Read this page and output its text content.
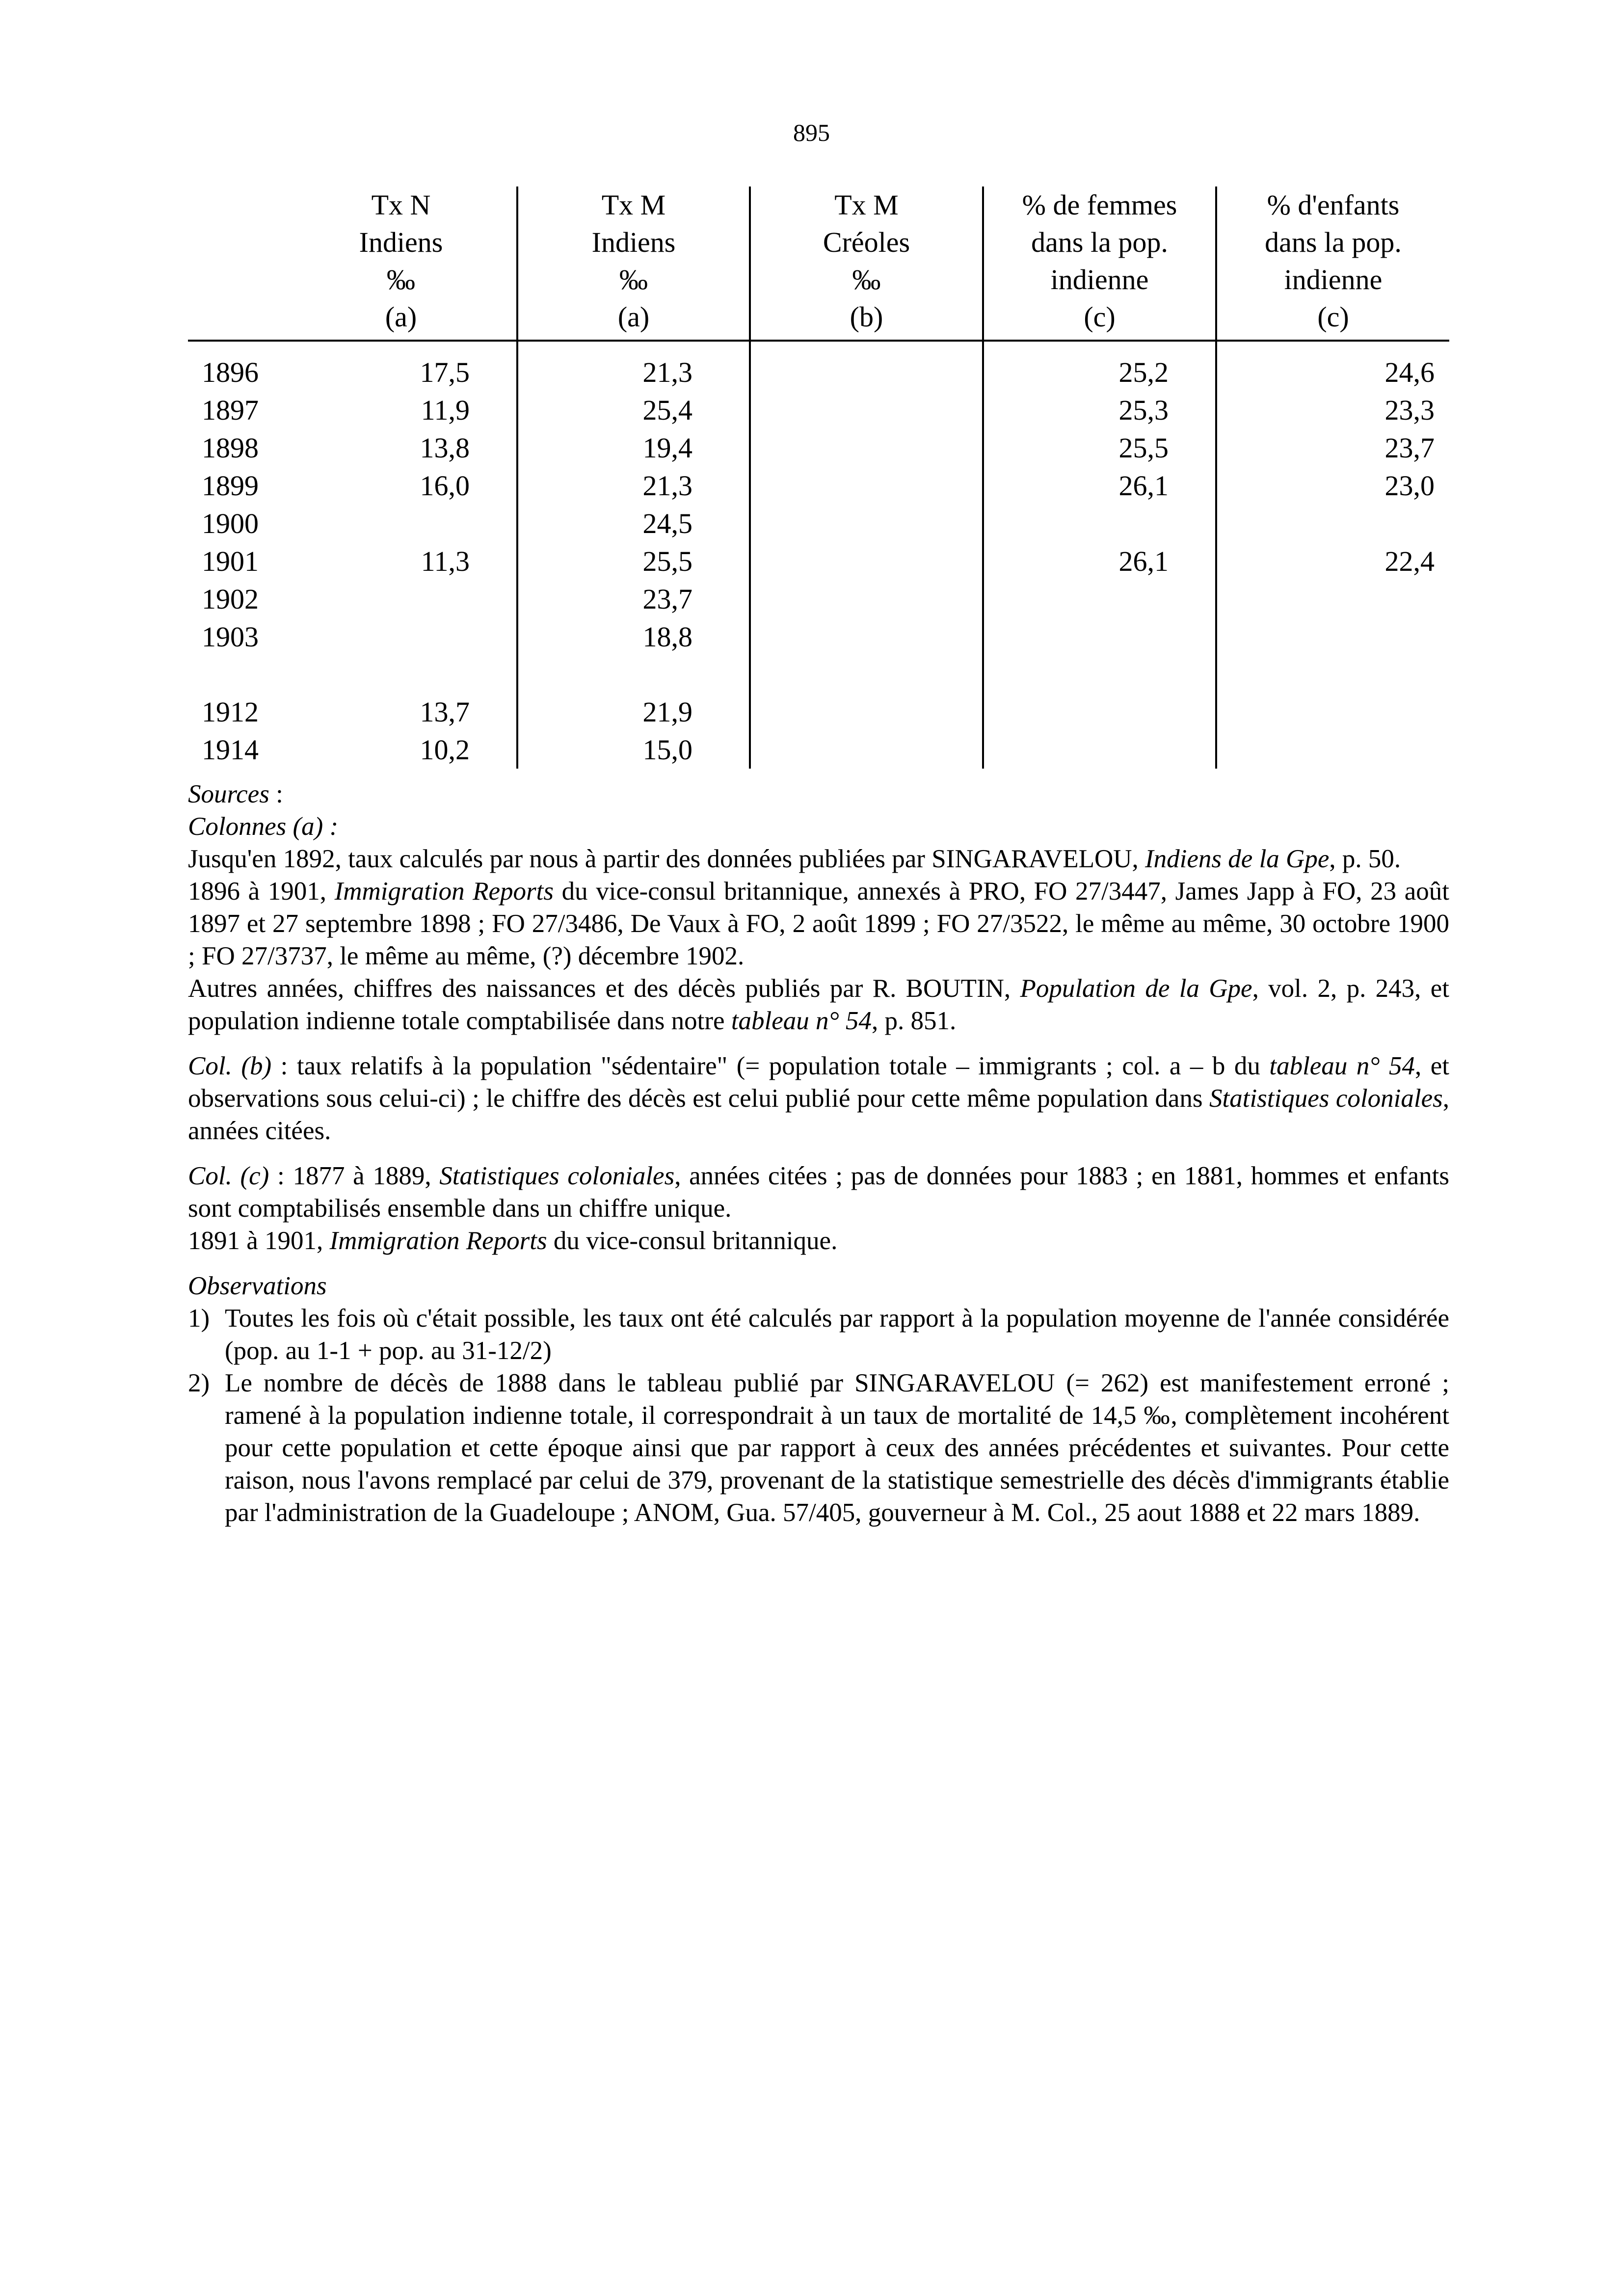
895

	Tx N
Indiens
‰
(a)	Tx M
Indiens
‰
(a)	Tx M
Créoles
‰
(b)	% de femmes
dans la pop.
indienne
(c)	% d'enfants
dans la pop.
indienne
(c)

1896	17,5	21,3		25,2	24,6
1897	11,9	25,4		25,3	23,3
1898	13,8	19,4		25,5	23,7
1899	16,0	21,3		26,1	23,0
1900		24,5			
1901	11,3	25,5		26,1	22,4
1902		23,7			
1903		18,8			

1912	13,7	21,9			
1914	10,2	15,0			

Sources :

Colonnes (a) :

Jusqu'en 1892, taux calculés par nous à partir des données publiées par SINGARAVELOU, Indiens de la Gpe, p. 50.

1896 à 1901, Immigration Reports du vice-consul britannique, annexés à PRO, FO 27/3447, James Japp à FO, 23 août 1897 et 27 septembre 1898 ; FO 27/3486, De Vaux à FO, 2 août 1899 ; FO 27/3522, le même au même, 30 octobre 1900 ; FO 27/3737, le même au même, (?) décembre 1902.

Autres années, chiffres des naissances et des décès publiés par R. BOUTIN, Population de la Gpe, vol. 2, p. 243, et population indienne totale comptabilisée dans notre tableau n° 54, p. 851.

Col. (b) : taux relatifs à la population "sédentaire" (= population totale – immigrants ; col. a – b du tableau n° 54, et observations sous celui-ci) ; le chiffre des décès est celui publié pour cette même population dans Statistiques coloniales, années citées.

Col. (c) : 1877 à 1889, Statistiques coloniales, années citées ; pas de données pour 1883 ; en 1881, hommes et enfants sont comptabilisés ensemble dans un chiffre unique.

1891 à 1901, Immigration Reports du vice-consul britannique.

Observations

1) Toutes les fois où c'était possible, les taux ont été calculés par rapport à la population moyenne de l'année considérée (pop. au 1-1 + pop. au 31-12/2)
2) Le nombre de décès de 1888 dans le tableau publié par SINGARAVELOU (= 262) est manifestement erroné ; ramené à la population indienne totale, il correspondrait à un taux de mortalité de 14,5 ‰, complètement incohérent pour cette population et cette époque ainsi que par rapport à ceux des années précédentes et suivantes. Pour cette raison, nous l'avons remplacé par celui de 379, provenant de la statistique semestrielle des décès d'immigrants établie par l'administration de la Guadeloupe ; ANOM, Gua. 57/405, gouverneur à M. Col., 25 aout 1888 et 22 mars 1889.
